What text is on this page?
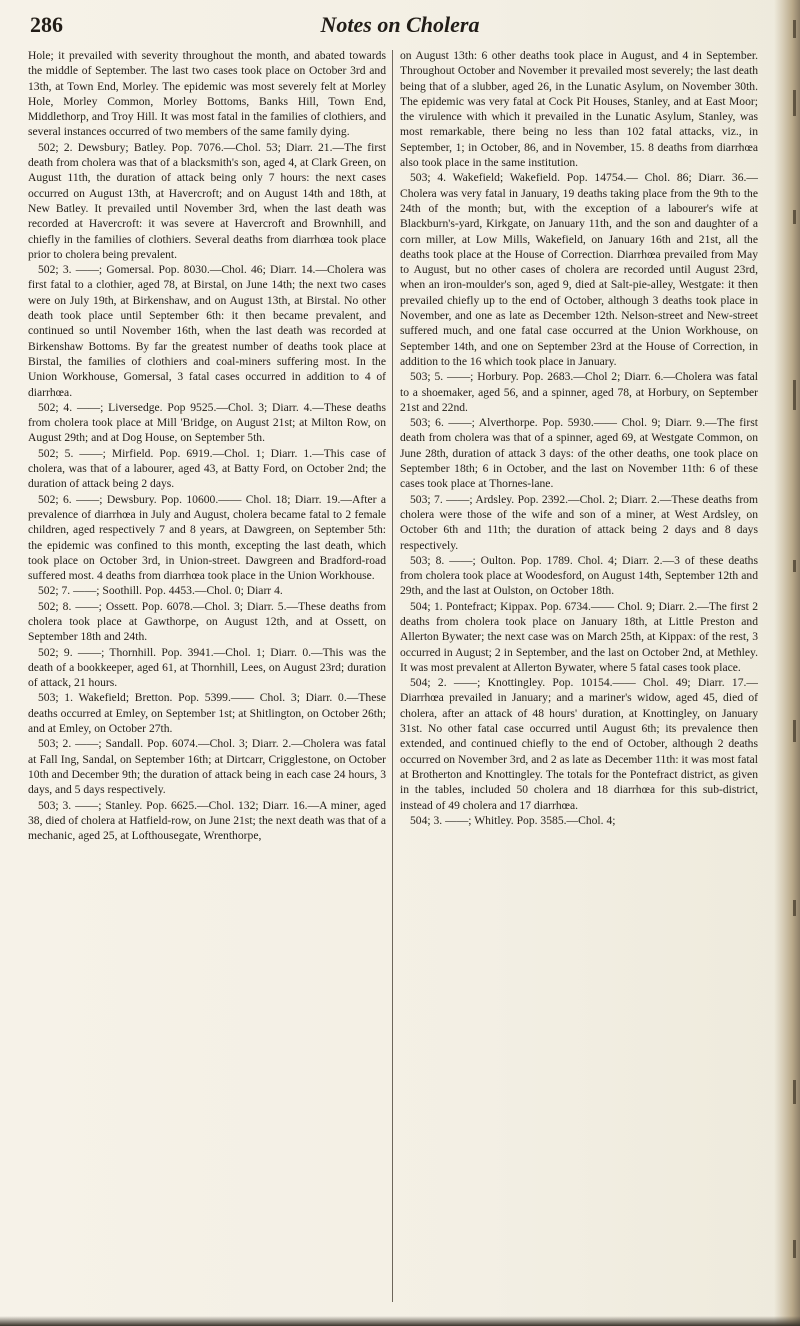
286	Notes on Cholera

Hole; it prevailed with severity throughout the month, and abated towards the middle of September. The last two cases took place on October 3rd and 13th, at Town End, Morley. The epidemic was most severely felt at Morley Hole, Morley Common, Morley Bottoms, Banks Hill, Town End, Middlethorp, and Troy Hill. It was most fatal in the families of clothiers, and several instances occurred of two members of the same family dying.

502; 2. Dewsbury; Batley. Pop. 7076.—Chol. 53; Diarr. 21.—The first death from cholera was that of a blacksmith's son, aged 4, at Clark Green, on August 11th, the duration of attack being only 7 hours: the next cases occurred on August 13th, at Havercroft; and on August 14th and 18th, at New Batley. It prevailed until November 3rd, when the last death was recorded at Havercroft: it was severe at Havercroft and Brownhill, and chiefly in the families of clothiers. Several deaths from diarrhœa took place prior to cholera being prevalent.

502; 3. ——; Gomersal. Pop. 8030.—Chol. 46; Diarr. 14.—Cholera was first fatal to a clothier, aged 78, at Birstal, on June 14th; the next two cases were on July 19th, at Birkenshaw, and on August 13th, at Birstal. No other death took place until September 6th: it then became prevalent, and continued so until November 16th, when the last death was recorded at Birkenshaw Bottoms. By far the greatest number of deaths took place at Birstal, the families of clothiers and coal-miners suffering most. In the Union Workhouse, Gomersal, 3 fatal cases occurred in addition to 4 of diarrhœa.

502; 4. ——; Liversedge. Pop 9525.—Chol. 3; Diarr. 4.—These deaths from cholera took place at Mill 'Bridge, on August 21st; at Milton Row, on August 29th; and at Dog House, on September 5th.

502; 5. ——; Mirfield. Pop. 6919.—Chol. 1; Diarr. 1.—This case of cholera, was that of a labourer, aged 43, at Batty Ford, on October 2nd; the duration of attack being 2 days.

502; 6. ——; Dewsbury. Pop. 10600.—— Chol. 18; Diarr. 19.—After a prevalence of diarrhœa in July and August, cholera became fatal to 2 female children, aged respectively 7 and 8 years, at Dawgreen, on September 5th: the epidemic was confined to this month, excepting the last death, which took place on October 3rd, in Union-street. Dawgreen and Bradford-road suffered most. 4 deaths from diarrhœa took place in the Union Workhouse.

502; 7. ——; Soothill. Pop. 4453.—Chol. 0; Diarr 4.

502; 8. ——; Ossett. Pop. 6078.—Chol. 3; Diarr. 5.—These deaths from cholera took place at Gawthorpe, on August 12th, and at Ossett, on September 18th and 24th.

502; 9. ——; Thornhill. Pop. 3941.—Chol. 1; Diarr. 0.—This was the death of a bookkeeper, aged 61, at Thornhill, Lees, on August 23rd; duration of attack, 21 hours.

503; 1. Wakefield; Bretton. Pop. 5399.—— Chol. 3; Diarr. 0.—These deaths occurred at Emley, on September 1st; at Shitlington, on October 26th; and at Emley, on October 27th.

503; 2. ——; Sandall. Pop. 6074.—Chol. 3; Diarr. 2.—Cholera was fatal at Fall Ing, Sandal, on September 16th; at Dirtcarr, Crigglestone, on October 10th and December 9th; the duration of attack being in each case 24 hours, 3 days, and 5 days respectively.

503; 3. ——; Stanley. Pop. 6625.—Chol. 132; Diarr. 16.—A miner, aged 38, died of cholera at Hatfield-row, on June 21st; the next death was that of a mechanic, aged 25, at Lofthousegate, Wrenthorpe,

on August 13th: 6 other deaths took place in August, and 4 in September. Throughout October and November it prevailed most severely; the last death being that of a slubber, aged 26, in the Lunatic Asylum, on November 30th. The epidemic was very fatal at Cock Pit Houses, Stanley, and at East Moor; the virulence with which it prevailed in the Lunatic Asylum, Stanley, was most remarkable, there being no less than 102 fatal attacks, viz., in September, 1; in October, 86, and in November, 15. 8 deaths from diarrhœa also took place in the same institution.

503; 4. Wakefield; Wakefield. Pop. 14754.— Chol. 86; Diarr. 36.—Cholera was very fatal in January, 19 deaths taking place from the 9th to the 24th of the month; but, with the exception of a labourer's wife at Blackburn's-yard, Kirkgate, on January 11th, and the son and daughter of a corn miller, at Low Mills, Wakefield, on January 16th and 21st, all the deaths took place at the House of Correction. Diarrhœa prevailed from May to August, but no other cases of cholera are recorded until August 23rd, when an iron-moulder's son, aged 9, died at Salt-pie-alley, Westgate: it then prevailed chiefly up to the end of October, although 3 deaths took place in November, and one as late as December 12th. Nelson-street and New-street suffered much, and one fatal case occurred at the Union Workhouse, on September 14th, and one on September 23rd at the House of Correction, in addition to the 16 which took place in January.

503; 5. ——; Horbury. Pop. 2683.—Chol 2; Diarr. 6.—Cholera was fatal to a shoemaker, aged 56, and a spinner, aged 78, at Horbury, on September 21st and 22nd.

503; 6. ——; Alverthorpe. Pop. 5930.—— Chol. 9; Diarr. 9.—The first death from cholera was that of a spinner, aged 69, at Westgate Common, on June 28th, duration of attack 3 days: of the other deaths, one took place on September 18th; 6 in October, and the last on November 11th: 6 of these cases took place at Thornes-lane.

503; 7. ——; Ardsley. Pop. 2392.—Chol. 2; Diarr. 2.—These deaths from cholera were those of the wife and son of a miner, at West Ardsley, on October 6th and 11th; the duration of attack being 2 days and 8 days respectively.

503; 8. ——; Oulton. Pop. 1789. Chol. 4; Diarr. 2.—3 of these deaths from cholera took place at Woodesford, on August 14th, September 12th and 29th, and the last at Oulston, on October 18th.

504; 1. Pontefract; Kippax. Pop. 6734.—— Chol. 9; Diarr. 2.—The first 2 deaths from cholera took place on January 18th, at Little Preston and Allerton Bywater; the next case was on March 25th, at Kippax: of the rest, 3 occurred in August; 2 in September, and the last on October 2nd, at Methley. It was most prevalent at Allerton Bywater, where 5 fatal cases took place.

504; 2. ——; Knottingley. Pop. 10154.—— Chol. 49; Diarr. 17.—Diarrhœa prevailed in January; and a mariner's widow, aged 45, died of cholera, after an attack of 48 hours' duration, at Knottingley, on January 31st. No other fatal case occurred until August 6th; its prevalence then extended, and continued chiefly to the end of October, although 2 deaths occurred on November 3rd, and 2 as late as December 11th: it was most fatal at Brotherton and Knottingley. The totals for the Pontefract district, as given in the tables, included 50 cholera and 18 diarrhœa for this sub-district, instead of 49 cholera and 17 diarrhœa.

504; 3. ——; Whitley. Pop. 3585.—Chol. 4;
